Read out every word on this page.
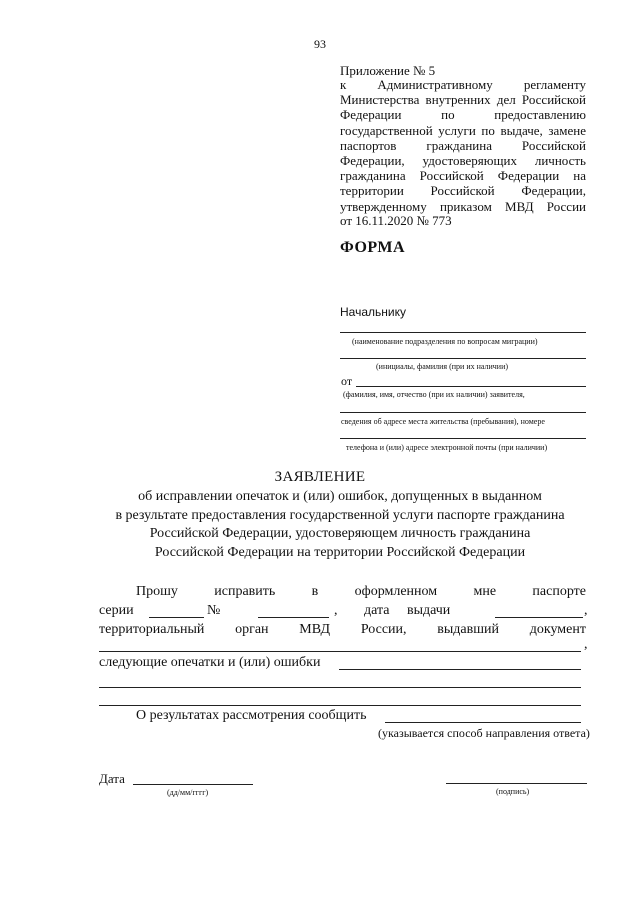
93
Приложение № 5
к Административному регламенту Министерства внутренних дел Российской Федерации по предоставлению государственной услуги по выдаче, замене паспортов гражданина Российской Федерации, удостоверяющих личность гражданина Российской Федерации на территории Российской Федерации, утвержденному приказом МВД России
от 16.11.2020 № 773
ФОРМА
Начальнику
(наименование подразделения по вопросам миграции)
(инициалы, фамилия (при их наличии)
от
(фамилия, имя, отчество (при их наличии) заявителя,
сведения об адресе места жительства (пребывания), номере
телефона и (или) адресе электронной почты (при наличии)
ЗАЯВЛЕНИЕ
об исправлении опечаток и (или) ошибок, допущенных в выданном
в результате предоставления государственной услуги паспорте гражданина
Российской Федерации, удостоверяющем личность гражданина
Российской Федерации на территории Российской Федерации
Прошу	исправить	в	оформленном	мне	паспорте
серии	№	, дата выдачи	,
территориальный орган МВД России, выдавший документ
,
следующие опечатки и (или) ошибки
О результатах рассмотрения сообщить
(указывается способ направления ответа)
Дата
(дд/мм/гггг)	(подпись)
